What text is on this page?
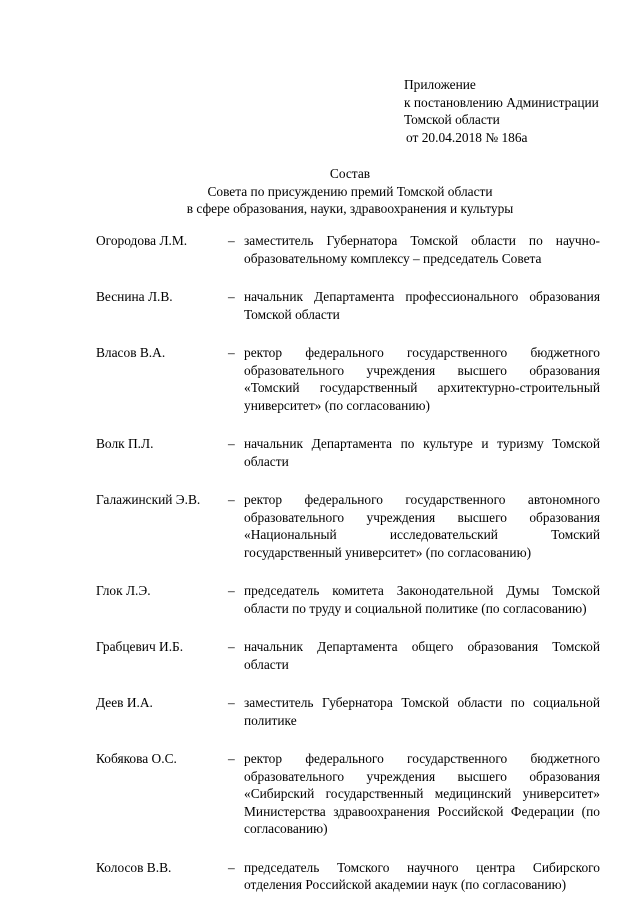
Приложение
к постановлению Администрации
Томской области
от 20.04.2018 № 186а
Состав
Совета по присуждению премий Томской области
в сфере образования, науки, здравоохранения и культуры
Огородова Л.М.	– заместитель Губернатора Томской области по научно-образовательному комплексу – председатель Совета
Веснина Л.В.	– начальник Департамента профессионального образования Томской области
Власов В.А.	– ректор федерального государственного бюджетного образовательного учреждения высшего образования «Томский государственный архитектурно-строительный университет» (по согласованию)
Волк П.Л.	– начальник Департамента по культуре и туризму Томской области
Галажинский Э.В.	– ректор федерального государственного автономного образовательного учреждения высшего образования «Национальный исследовательский Томский государственный университет» (по согласованию)
Глок Л.Э.	– председатель комитета Законодательной Думы Томской области по труду и социальной политике (по согласованию)
Грабцевич И.Б.	– начальник Департамента общего образования Томской области
Деев И.А.	– заместитель Губернатора Томской области по социальной политике
Кобякова О.С.	– ректор федерального государственного бюджетного образовательного учреждения высшего образования «Сибирский государственный медицинский университет» Министерства здравоохранения Российской Федерации (по согласованию)
Колосов В.В.	– председатель Томского научного центра Сибирского отделения Российской академии наук (по согласованию)
